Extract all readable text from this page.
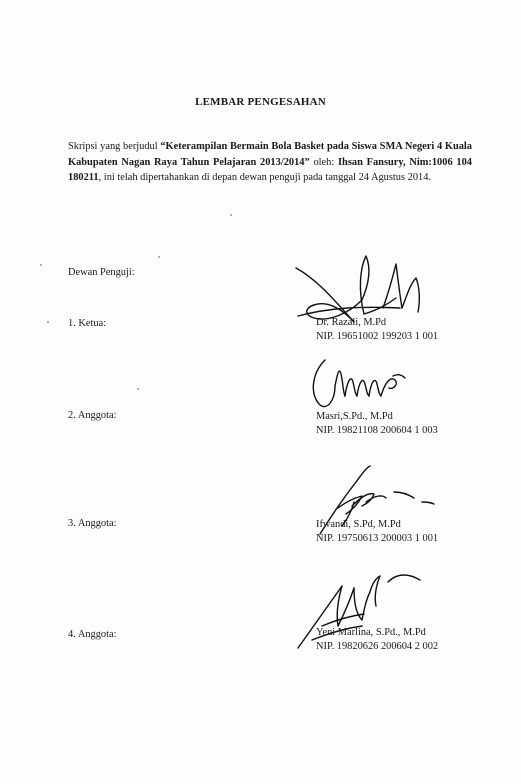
LEMBAR PENGESAHAN

Skripsi yang berjudul “Keterampilan Bermain Bola Basket pada Siswa SMA Negeri 4 Kuala Kabupaten Nagan Raya Tahun Pelajaran 2013/2014” oleh: Ihsan Fansury, Nim:1006 104 180211, ini telah dipertahankan di depan dewan penguji pada tanggal 24 Agustus 2014.

Dewan Penguji:
1. Ketua:	Dr. Razali, M.Pd
NIP. 19651002 199203 1 001
2. Anggota:	Masri,S.Pd., M.Pd
NIP. 19821108 200604 1 003
3. Anggota:	Ifwandi, S.Pd, M.Pd
NIP. 19750613 200003 1 001
4. Anggota:	Yeni Marlina, S.Pd., M.Pd
NIP. 19820626 200604 2 002
